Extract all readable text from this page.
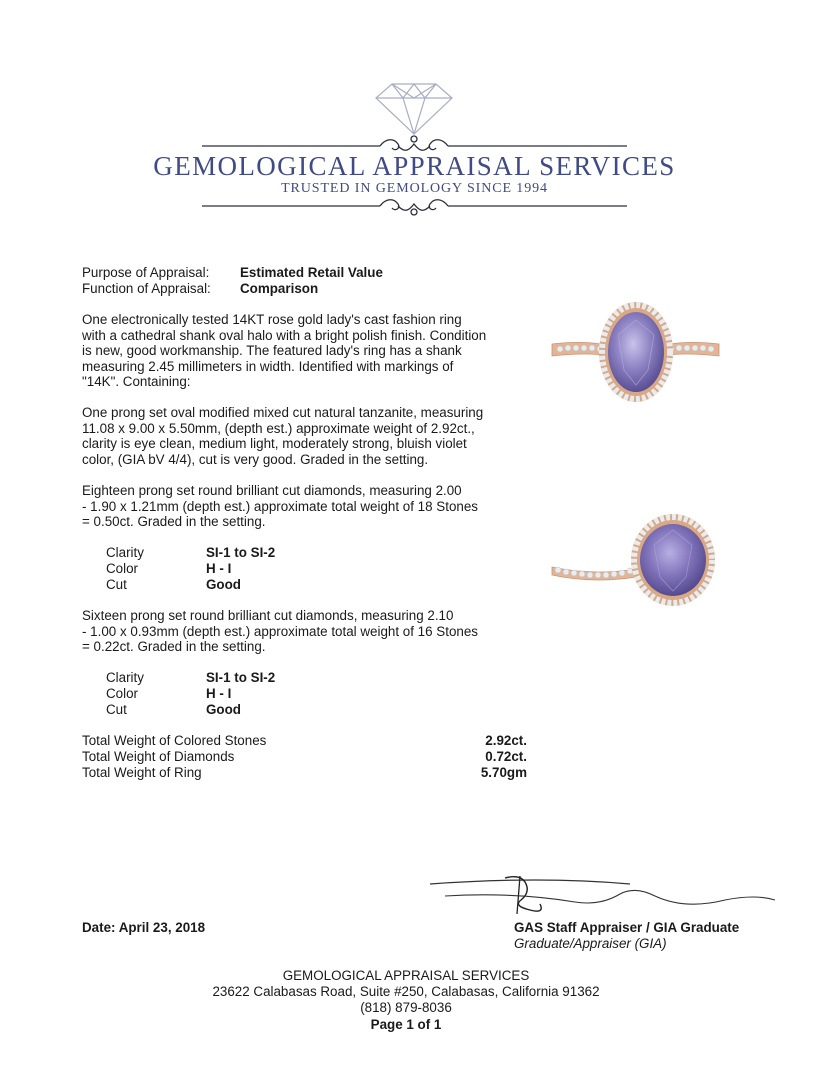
GEMOLOGICAL APPRAISAL SERVICES
TRUSTED IN GEMOLOGY SINCE 1994
Purpose of Appraisal: Estimated Retail Value
Function of Appraisal: Comparison

One electronically tested 14KT rose gold lady's cast fashion ring

with a cathedral shank oval halo with a bright polish finish. Condition

is new, good workmanship. The featured lady's ring has a shank

measuring 2.45 millimeters in width. Identified with markings of

"14K". Containing:

One prong set oval modified mixed cut natural tanzanite, measuring

11.08 x 9.00 x 5.50mm, (depth est.) approximate weight of 2.92ct.,

clarity is eye clean, medium light, moderately strong, bluish violet

color, (GIA bV 4/4), cut is very good. Graded in the setting.

Eighteen prong set round brilliant cut diamonds, measuring 2.00

- 1.90 x 1.21mm (depth est.) approximate total weight of 18 Stones

= 0.50ct. Graded in the setting.

Clarity	SI-1 to SI-2
Color	H - I
Cut	Good

Sixteen prong set round brilliant cut diamonds, measuring 2.10

- 1.00 x 0.93mm (depth est.) approximate total weight of 16 Stones

= 0.22ct. Graded in the setting.

Clarity	SI-1 to SI-2
Color	H - I
Cut	Good
Total Weight of Colored Stones	2.92ct.
Total Weight of Diamonds	0.72ct.
Total Weight of Ring	5.70gm
Date: April 23, 2018	GAS Staff Appraiser / GIA Graduate
Graduate/Appraiser (GIA)
GEMOLOGICAL APPRAISAL SERVICES
23622 Calabasas Road, Suite #250, Calabasas, California 91362
(818) 879-8036
Page 1 of 1
